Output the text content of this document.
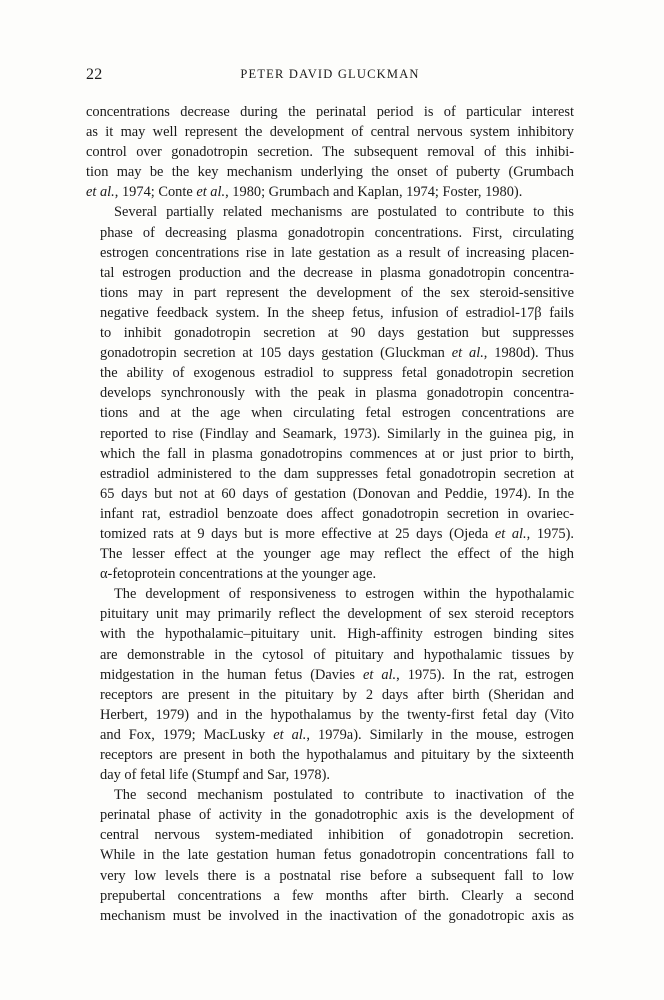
22	PETER DAVID GLUCKMAN
concentrations decrease during the perinatal period is of particular interest
as it may well represent the development of central nervous system inhibitory
control over gonadotropin secretion. The subsequent removal of this inhibi-
tion may be the key mechanism underlying the onset of puberty (Grumbach
et al., 1974; Conte et al., 1980; Grumbach and Kaplan, 1974; Foster, 1980).
Several partially related mechanisms are postulated to contribute to this
phase of decreasing plasma gonadotropin concentrations. First, circulating
estrogen concentrations rise in late gestation as a result of increasing placen-
tal estrogen production and the decrease in plasma gonadotropin concentra-
tions may in part represent the development of the sex steroid-sensitive
negative feedback system. In the sheep fetus, infusion of estradiol-17β fails
to inhibit gonadotropin secretion at 90 days gestation but suppresses
gonadotropin secretion at 105 days gestation (Gluckman et al., 1980d). Thus
the ability of exogenous estradiol to suppress fetal gonadotropin secretion
develops synchronously with the peak in plasma gonadotropin concentra-
tions and at the age when circulating fetal estrogen concentrations are
reported to rise (Findlay and Seamark, 1973). Similarly in the guinea pig, in
which the fall in plasma gonadotropins commences at or just prior to birth,
estradiol administered to the dam suppresses fetal gonadotropin secretion at
65 days but not at 60 days of gestation (Donovan and Peddie, 1974). In the
infant rat, estradiol benzoate does affect gonadotropin secretion in ovariec-
tomized rats at 9 days but is more effective at 25 days (Ojeda et al., 1975).
The lesser effect at the younger age may reflect the effect of the high
α-fetoprotein concentrations at the younger age.
The development of responsiveness to estrogen within the hypothalamic
pituitary unit may primarily reflect the development of sex steroid receptors
with the hypothalamic–pituitary unit. High-affinity estrogen binding sites
are demonstrable in the cytosol of pituitary and hypothalamic tissues by
midgestation in the human fetus (Davies et al., 1975). In the rat, estrogen
receptors are present in the pituitary by 2 days after birth (Sheridan and
Herbert, 1979) and in the hypothalamus by the twenty-first fetal day (Vito
and Fox, 1979; MacLusky et al., 1979a). Similarly in the mouse, estrogen
receptors are present in both the hypothalamus and pituitary by the sixteenth
day of fetal life (Stumpf and Sar, 1978).
The second mechanism postulated to contribute to inactivation of the
perinatal phase of activity in the gonadotrophic axis is the development of
central nervous system-mediated inhibition of gonadotropin secretion.
While in the late gestation human fetus gonadotropin concentrations fall to
very low levels there is a postnatal rise before a subsequent fall to low
prepubertal concentrations a few months after birth. Clearly a second
mechanism must be involved in the inactivation of the gonadotropic axis as
